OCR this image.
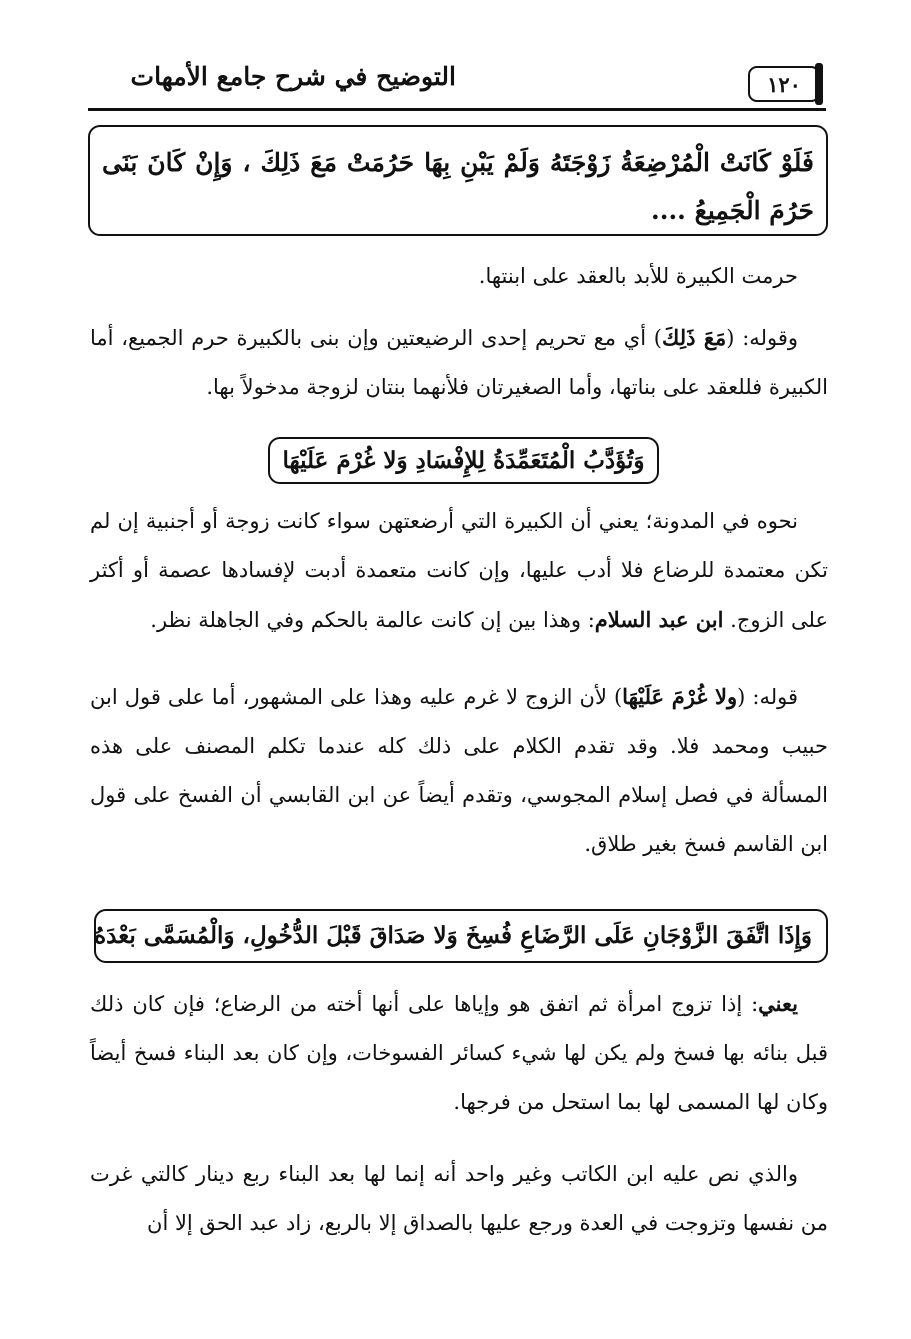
التوضيح في شرح جامع الأمهات	١٢٠
فَلَوْ كَانَتْ الْمُرْضِعَةُ زَوْجَتَهُ وَلَمْ يَبْنِ بِهَا حَرُمَتْ مَعَ ذَلِكَ ، وَإِنْ كَانَ بَنَى حَرُمَ الْجَمِيعُ ....
حرمت الكبيرة للأبد بالعقد على ابنتها.
وقوله: (مَعَ ذَلِكَ) أي مع تحريم إحدى الرضيعتين وإن بنى بالكبيرة حرم الجميع، أما الكبيرة فللعقد على بناتها، وأما الصغيرتان فلأنهما بنتان لزوجة مدخولاً بها.
وَتُؤَدَّبُ الْمُتَعَمِّدَةُ لِلإِفْسَادِ وَلا غُرْمَ عَلَيْهَا
نحوه في المدونة؛ يعني أن الكبيرة التي أرضعتهن سواء كانت زوجة أو أجنبية إن لم تكن معتمدة للرضاع فلا أدب عليها، وإن كانت متعمدة أدبت لإفسادها عصمة أو أكثر على الزوج. ابن عبد السلام: وهذا بين إن كانت عالمة بالحكم وفي الجاهلة نظر.
قوله: (ولا غُرْمَ عَلَيْهَا) لأن الزوج لا غرم عليه وهذا على المشهور، أما على قول ابن حبيب ومحمد فلا. وقد تقدم الكلام على ذلك كله عندما تكلم المصنف على هذه المسألة في فصل إسلام المجوسي، وتقدم أيضاً عن ابن القابسي أن الفسخ على قول ابن القاسم فسخ بغير طلاق.
وَإِذَا اتَّفَقَ الزَّوْجَانِ عَلَى الرَّضَاعِ فُسِخَ وَلا صَدَاقَ قَبْلَ الدُّخُولِ، وَالْمُسَمَّى بَعْدَهُ
يعني: إذا تزوج امرأة ثم اتفق هو وإياها على أنها أخته من الرضاع؛ فإن كان ذلك قبل بنائه بها فسخ ولم يكن لها شيء كسائر الفسوخات، وإن كان بعد البناء فسخ أيضاً وكان لها المسمى لها بما استحل من فرجها.
والذي نص عليه ابن الكاتب وغير واحد أنه إنما لها بعد البناء ربع دينار كالتي غرت من نفسها وتزوجت في العدة ورجع عليها بالصداق إلا بالربع، زاد عبد الحق إلا أن
